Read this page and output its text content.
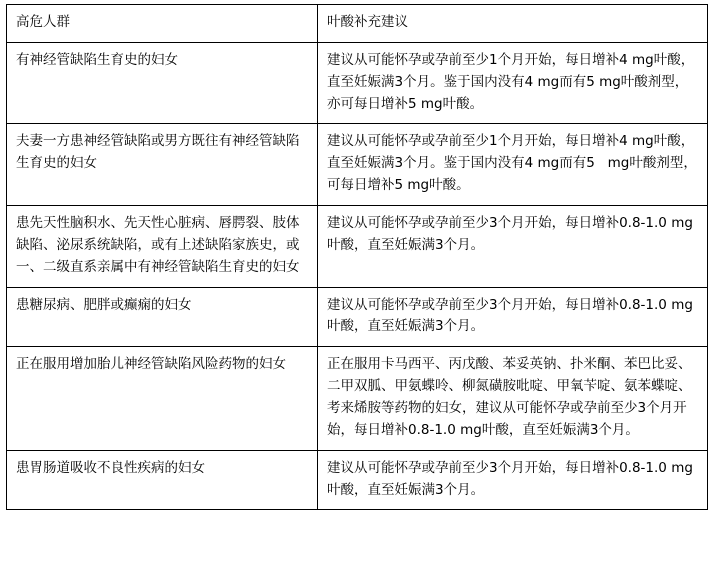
高危人群	叶酸补充建议

有神经管缺陷生育史的妇女	建议从可能怀孕或孕前至少1个月开始，每日增补4 mg叶酸，直至妊娠满3个月。鉴于国内没有4 mg而有5 mg叶酸剂型，亦可每日增补5 mg叶酸。

夫妻一方患神经管缺陷或男方既往有神经管缺陷生育史的妇女	建议从可能怀孕或孕前至少1个月开始，每日增补4 mg叶酸，直至妊娠满3个月。鉴于国内没有4 mg而有5   mg叶酸剂型，可每日增补5 mg叶酸。

患先天性脑积水、先天性心脏病、唇腭裂、肢体缺陷、泌尿系统缺陷，或有上述缺陷家族史，或一、二级直系亲属中有神经管缺陷生育史的妇女	建议从可能怀孕或孕前至少3个月开始，每日增补0.8-1.0 mg叶酸，直至妊娠满3个月。

患糖尿病、肥胖或癫痫的妇女	建议从可能怀孕或孕前至少3个月开始，每日增补0.8-1.0 mg叶酸，直至妊娠满3个月。

正在服用增加胎儿神经管缺陷风险药物的妇女	正在服用卡马西平、丙戊酸、苯妥英钠、扑米酮、苯巴比妥、二甲双胍、甲氨蝶呤、柳氮磺胺吡啶、甲氧苄啶、氨苯蝶啶、考来烯胺等药物的妇女，建议从可能怀孕或孕前至少3个月开始，每日增补0.8-1.0 mg叶酸，直至妊娠满3个月。

患胃肠道吸收不良性疾病的妇女	建议从可能怀孕或孕前至少3个月开始，每日增补0.8-1.0 mg叶酸，直至妊娠满3个月。
